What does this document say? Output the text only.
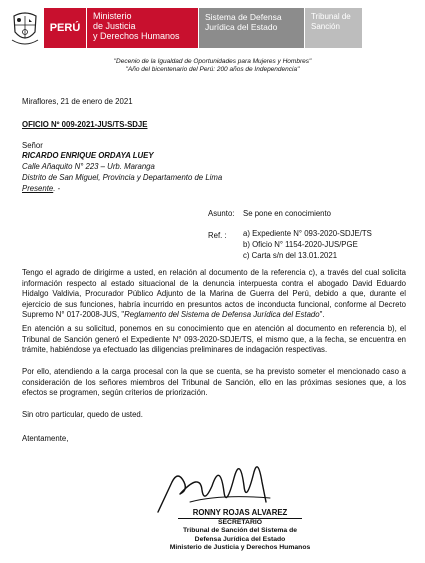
PERÚ
Ministerio
de Justicia
y Derechos Humanos
Sistema de Defensa
Jurídica del Estado
Tribunal de
Sanción
"Decenio de la Igualdad de Oportunidades para Mujeres y Hombres"
"Año del bicentenario del Perú: 200 años de Independencia"
Miraflores, 21 de enero de 2021
OFICIO Nº 009-2021-JUS/TS-SDJE
Señor
RICARDO ENRIQUE ORDAYA LUEY
Calle Añaquito N° 223 – Urb. Maranga
Distrito de San Miguel, Provincia y Departamento de Lima
Presente. -
Asunto: Se pone en conocimiento
Ref. : a) Expediente N° 093-2020-SDJE/TS
b) Oficio N° 1154-2020-JUS/PGE
c) Carta s/n del 13.01.2021
Tengo el agrado de dirigirme a usted, en relación al documento de la referencia c), a través del cual solicita información respecto al estado situacional de la denuncia interpuesta contra el abogado David Eduardo Hidalgo Valdivia, Procurador Público Adjunto de la Marina de Guerra del Perú, debido a que, durante el ejercicio de sus funciones, habría incurrido en presuntos actos de inconducta funcional, conforme al Decreto Supremo N° 017-2008-JUS, "Reglamento del Sistema de Defensa Jurídica del Estado".
En atención a su solicitud, ponemos en su conocimiento que en atención al documento en referencia b), el Tribunal de Sanción generó el Expediente N° 093-2020-SDJE/TS, el mismo que, a la fecha, se encuentra en trámite, habiéndose ya efectuado las diligencias preliminares de indagación respectivas.
Por ello, atendiendo a la carga procesal con la que se cuenta, se ha previsto someter el mencionado caso a consideración de los señores miembros del Tribunal de Sanción, ello en las próximas sesiones que, a los efectos se programen, según criterios de priorización.
Sin otro particular, quedo de usted.
Atentamente,
RONNY ROJAS ALVAREZ
SECRETARIO
Tribunal de Sanción del Sistema de
Defensa Jurídica del Estado
Ministerio de Justicia y Derechos Humanos
